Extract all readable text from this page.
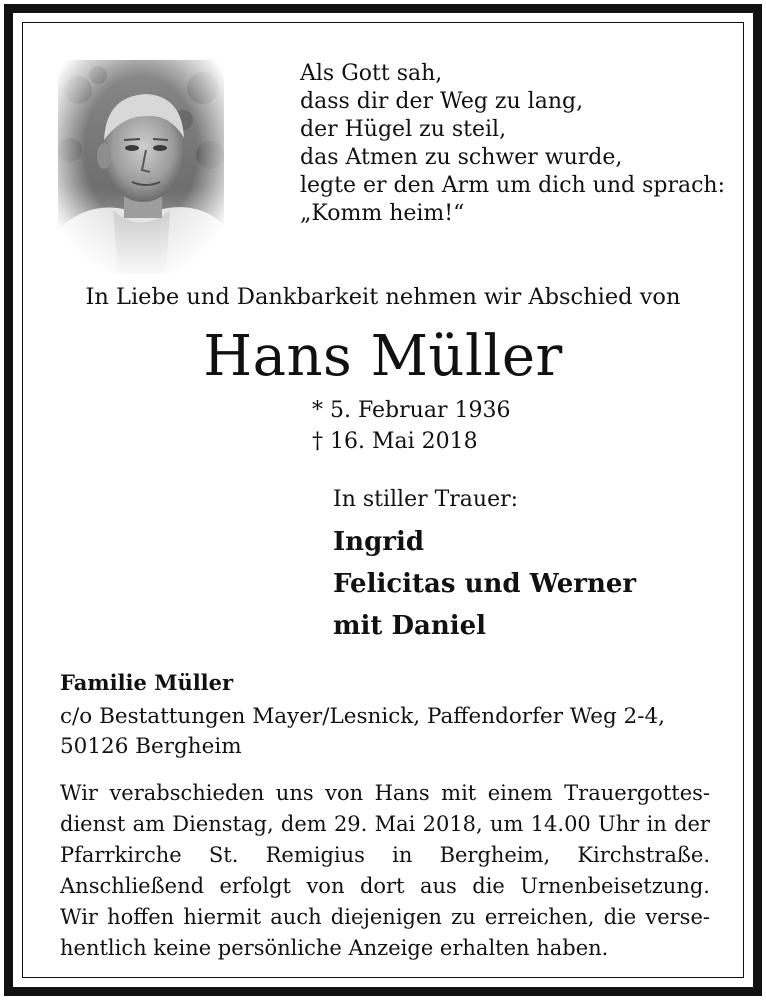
Als Gott sah,
dass dir der Weg zu lang,
der Hügel zu steil,
das Atmen zu schwer wurde,
legte er den Arm um dich und sprach:
„Komm heim!“
In Liebe und Dankbarkeit nehmen wir Abschied von
Hans Müller
* 5. Februar 1936
† 16. Mai 2018
In stiller Trauer:
Ingrid
Felicitas und Werner
mit Daniel
Familie Müller
c/o Bestattungen Mayer/Lesnick, Paffendorfer Weg 2-4,
50126 Bergheim
Wir verabschieden uns von Hans mit einem Trauergottes-
dienst am Dienstag, dem 29. Mai 2018, um 14.00 Uhr in der
Pfarrkirche St. Remigius in Bergheim, Kirchstraße.
Anschließend erfolgt von dort aus die Urnenbeisetzung.
Wir hoffen hiermit auch diejenigen zu erreichen, die verse-
hentlich keine persönliche Anzeige erhalten haben.
